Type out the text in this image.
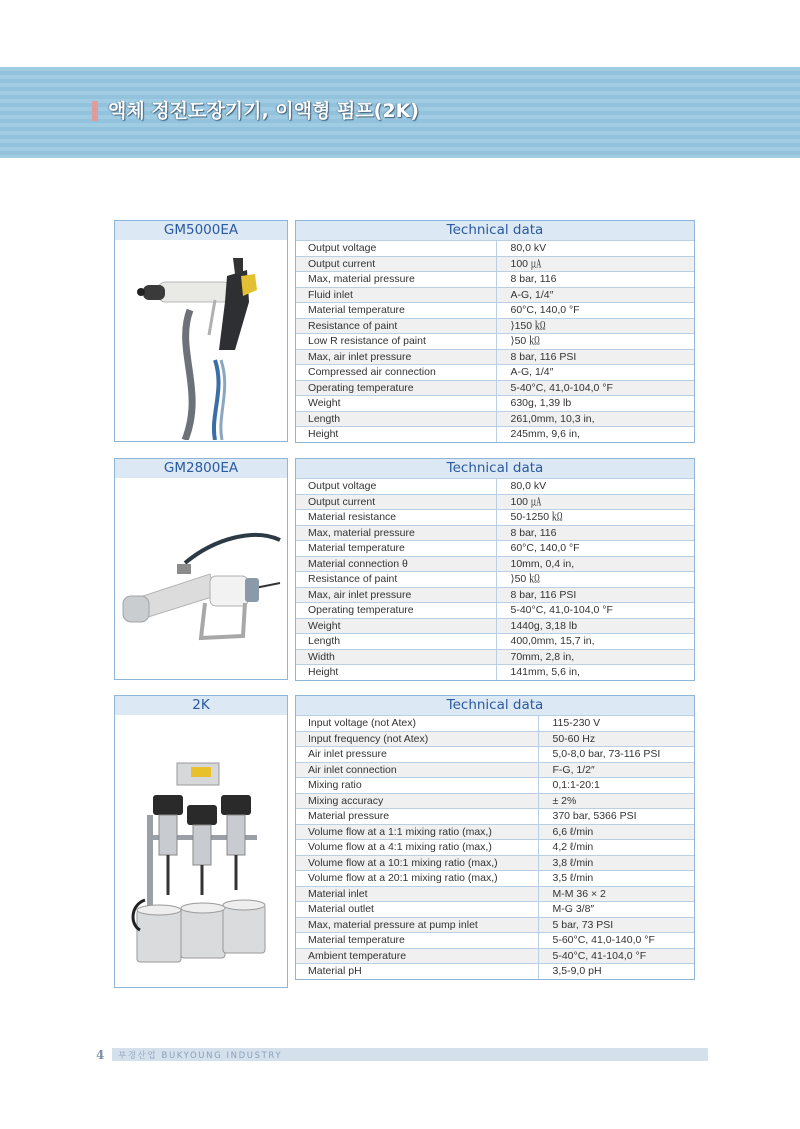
액체 정전도장기기, 이액형 펌프(2K)
GM5000EA	Technical data
Output voltage	80,0 kV
Output current	100 ㎂
Max, material pressure	8 bar, 116
Fluid inlet	A-G, 1/4″
Material temperature	60°C, 140,0 °F
Resistance of paint	⟩150 ㏀
Low R resistance of paint	⟩50 ㏀
Max, air inlet pressure	8 bar, 116 PSI
Compressed air connection	A-G, 1/4″
Operating temperature	5-40°C, 41,0-104,0 °F
Weight	630g, 1,39 lb
Length	261,0mm, 10,3 in,
Height	245mm, 9,6 in,
GM2800EA	Technical data
Output voltage	80,0 kV
Output current	100 ㎂
Material resistance	50-1250 ㏀
Max, material pressure	8 bar, 116
Material temperature	60°C, 140,0 °F
Material connection θ	10mm, 0,4 in,
Resistance of paint	⟩50 ㏀
Max, air inlet pressure	8 bar, 116 PSI
Operating temperature	5-40°C, 41,0-104,0 °F
Weight	1440g, 3,18 lb
Length	400,0mm, 15,7 in,
Width	70mm, 2,8 in,
Height	141mm, 5,6 in,
2K	Technical data
Input voltage (not Atex)	115-230 V
Input frequency (not Atex)	50-60 Hz
Air inlet pressure	5,0-8,0 bar, 73-116 PSI
Air inlet connection	F-G, 1/2″
Mixing ratio	0,1:1-20:1
Mixing accuracy	± 2%
Material pressure	370 bar, 5366 PSI
Volume flow at a 1:1 mixing ratio (max,)	6,6 ℓ/min
Volume flow at a 4:1 mixing ratio (max,)	4,2 ℓ/min
Volume flow at a 10:1 mixing ratio (max,)	3,8 ℓ/min
Volume flow at a 20:1 mixing ratio (max,)	3,5 ℓ/min
Material inlet	M-M 36 × 2
Material outlet	M-G 3/8″
Max, material pressure at pump inlet	5 bar, 73 PSI
Material temperature	5-60°C, 41,0-140,0 °F
Ambient temperature	5-40°C, 41-104,0 °F
Material pH	3,5-9,0 pH
4 부경산업 BUKYOUNG INDUSTRY
